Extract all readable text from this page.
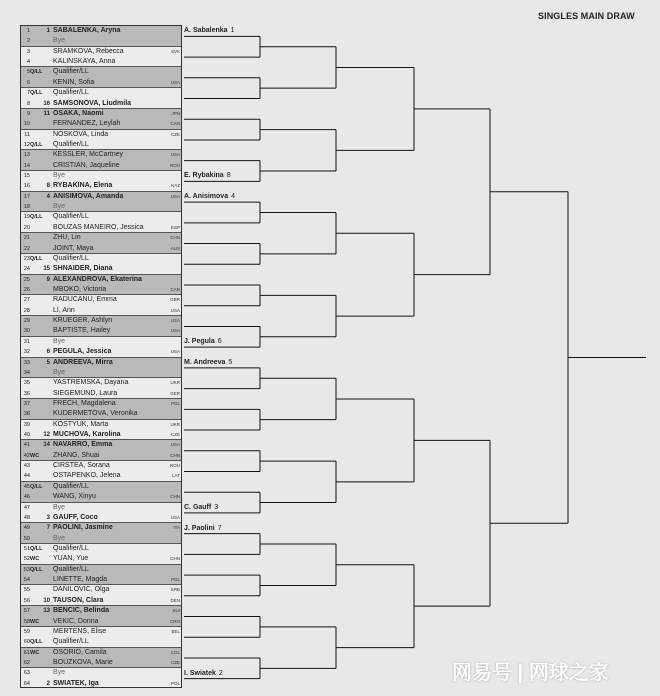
SINGLES MAIN DRAW
1	1 SABALENKA, Aryna
2	Bye
3	SRAMKOVA, Rebecca	SVK
4	KALINSKAYA, Anna
5 Q/LL Qualifier/LL
6	KENIN, Sofia	USA
7 Q/LL Qualifier/LL
8	16 SAMSONOVA, Liudmila
9	11 OSAKA, Naomi	JPN
10	FERNANDEZ, Leylah	CAN
11	NOSKOVA, Linda	CZE
12 Q/LL Qualifier/LL
13	KESSLER, McCartney	USA
14	CRISTIAN, Jaqueline	ROU
15	Bye
16	8 RYBAKINA, Elena	KAZ
17	4 ANISIMOVA, Amanda	USA
18	Bye
19 Q/LL Qualifier/LL
20	BOUZAS MANEIRO, Jessica	ESP
21	ZHU, Lin	CHN
22	JOINT, Maya	AUS
23 Q/LL Qualifier/LL
24	15 SHNAIDER, Diana
25	9 ALEXANDROVA, Ekaterina
26	MBOKO, Victoria	CAN
27	RADUCANU, Emma	GBR
28	LI, Ann	USA
29	KRUEGER, Ashlyn	USA
30	BAPTISTE, Hailey	USA
31	Bye
32	6 PEGULA, Jessica	USA
33	5 ANDREEVA, Mirra
34	Bye
35	YASTREMSKA, Dayana	UKR
36	SIEGEMUND, Laura	GER
37	FRECH, Magdalena	POL
38	KUDERMETOVA, Veronika
39	KOSTYUK, Marta	UKR
40	12 MUCHOVA, Karolina	CZE
41	14 NAVARRO, Emma	USA
42 WC	ZHANG, Shuai	CHN
43	CIRSTEA, Sorana	ROU
44	OSTAPENKO, Jelena	LAT
45 Q/LL Qualifier/LL
46	WANG, Xinyu	CHN
47	Bye
48	3 GAUFF, Coco	USA
49	7 PAOLINI, Jasmine	ITA
50	Bye
51 Q/LL Qualifier/LL
52 WC	YUAN, Yue	CHN
53 Q/LL Qualifier/LL
54	LINETTE, Magda	POL
55	DANILOVIC, Olga	SRB
56	10 TAUSON, Clara	DEN
57	13 BENCIC, Belinda	SUI
58 WC	VEKIC, Donna	CRO
59	MERTENS, Elise	BEL
60 Q/LL Qualifier/LL
61 WC	OSORIO, Camila	COL
62	BOUZKOVA, Marie	CZE
63	Bye
64	2 SWIATEK, Iga	POL
A. Sabalenka 1
E. Rybakina 8
A. Anisimova 4
J. Pegula 6
M. Andreeva 5
C. Gauff 3
J. Paolini 7
I. Swiatek 2	网易号 | 网球之家
